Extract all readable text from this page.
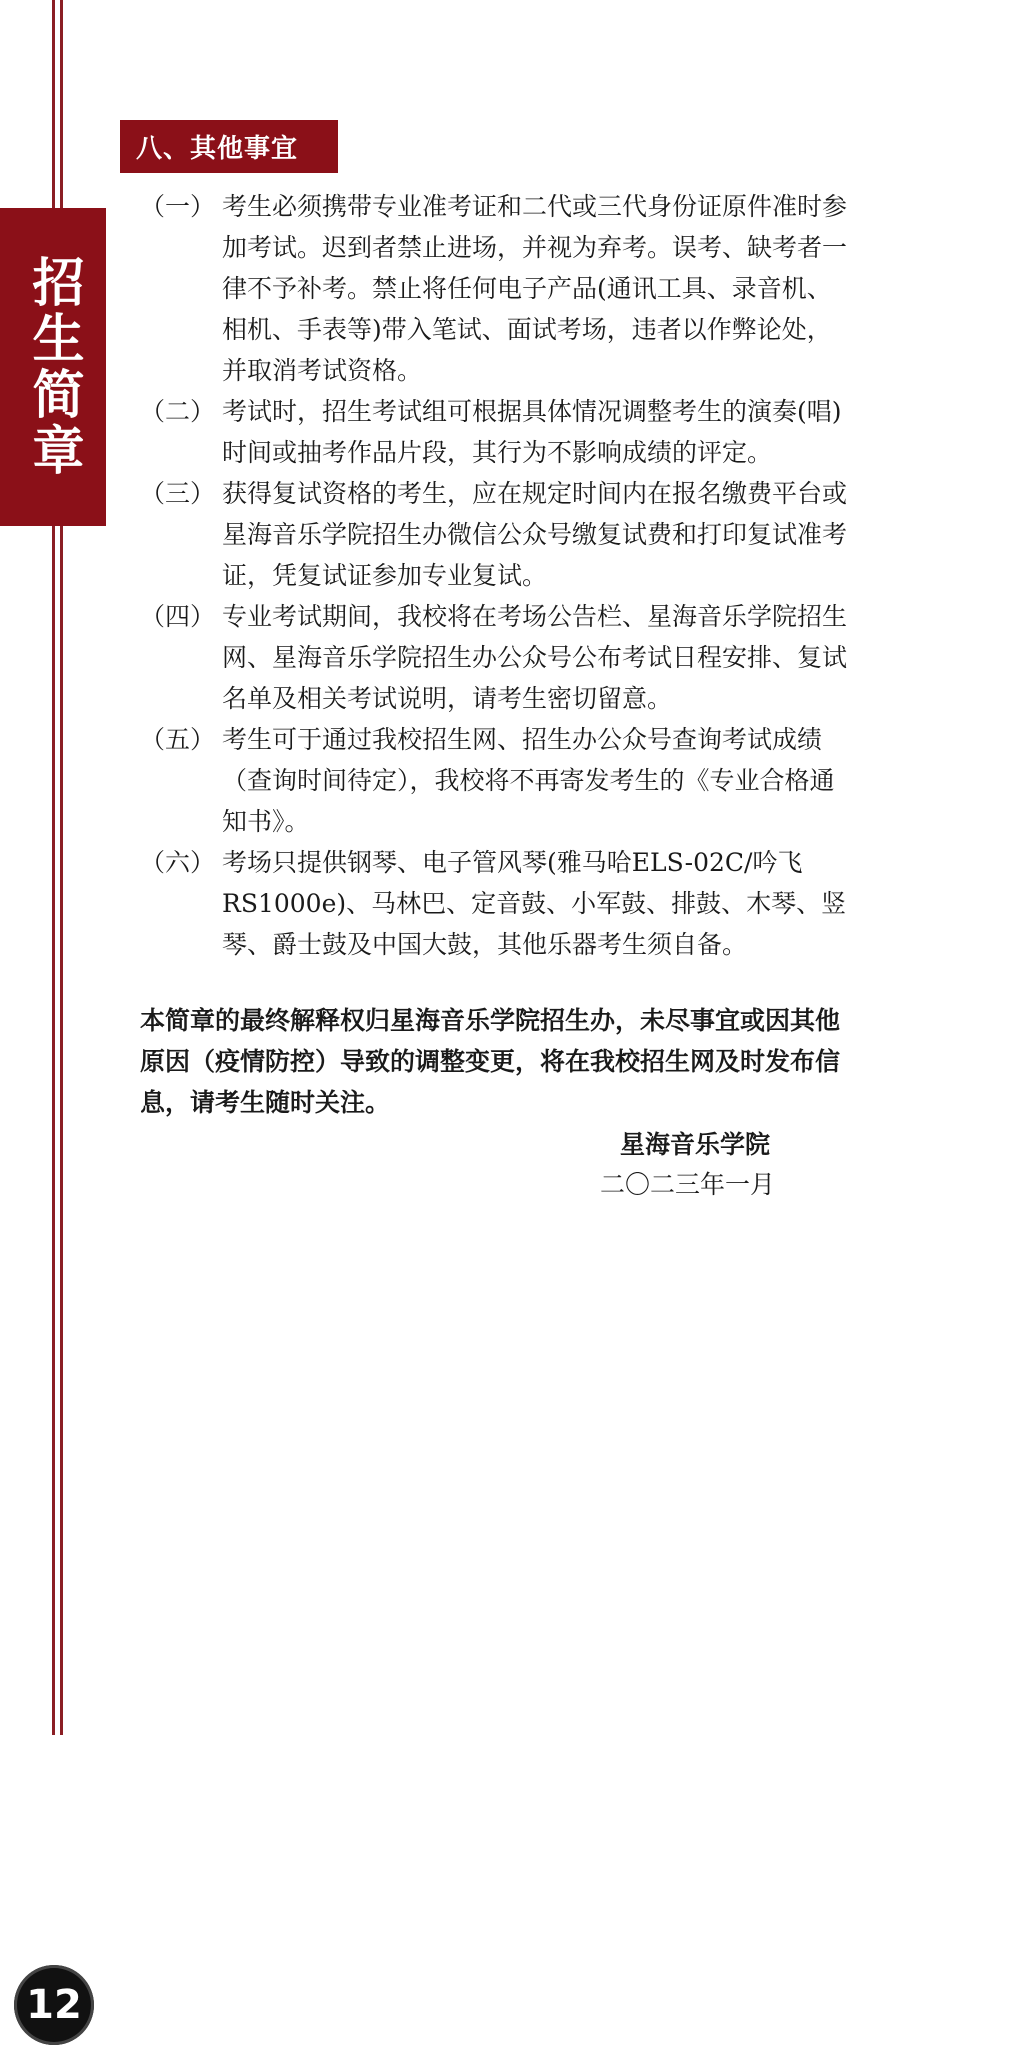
招生简章
八、其他事宜
（一） 考生必须携带专业准考证和二代或三代身份证原件准时参
加考试。迟到者禁止进场，并视为弃考。误考、缺考者一
律不予补考。禁止将任何电子产品(通讯工具、录音机、
相机、手表等)带入笔试、面试考场，违者以作弊论处，
并取消考试资格。

（二） 考试时，招生考试组可根据具体情况调整考生的演奏(唱)
时间或抽考作品片段，其行为不影响成绩的评定。

（三） 获得复试资格的考生，应在规定时间内在报名缴费平台或
星海音乐学院招生办微信公众号缴复试费和打印复试准考
证，凭复试证参加专业复试。

（四） 专业考试期间，我校将在考场公告栏、星海音乐学院招生
网、星海音乐学院招生办公众号公布考试日程安排、复试
名单及相关考试说明，请考生密切留意。

（五） 考生可于通过我校招生网、招生办公众号查询考试成绩
（查询时间待定），我校将不再寄发考生的《专业合格通
知书》。

（六） 考场只提供钢琴、电子管风琴(雅马哈ELS-02C/吟飞
RS1000e)、马林巴、定音鼓、小军鼓、排鼓、木琴、竖
琴、爵士鼓及中国大鼓，其他乐器考生须自备。

本简章的最终解释权归星海音乐学院招生办，未尽事宜或因其他
原因（疫情防控）导致的调整变更，将在我校招生网及时发布信
息，请考生随时关注。
星海音乐学院
二〇二三年一月
12
